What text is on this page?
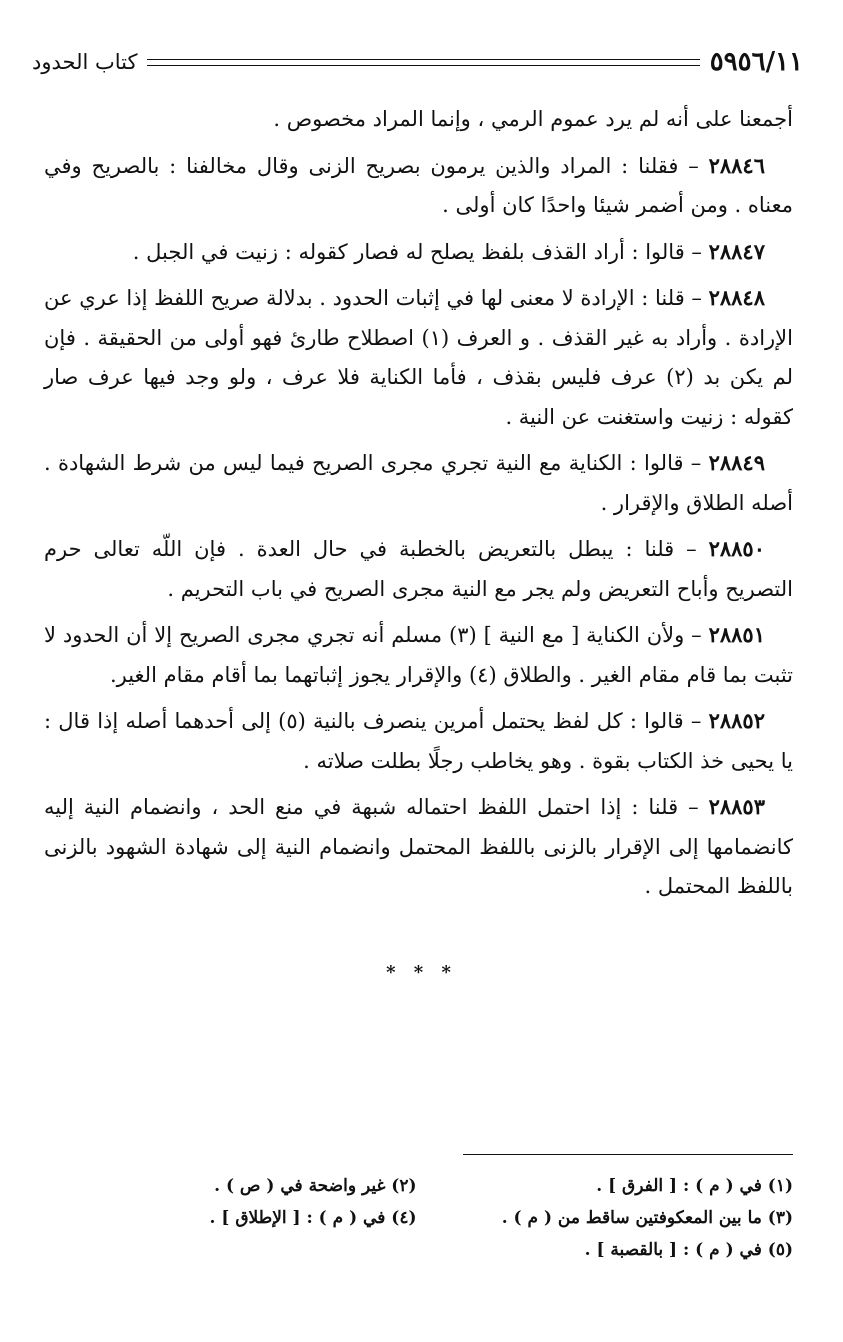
٥٩٥٦/١١
كتاب الحدود

أجمعنا على أنه لم يرد عموم الرمي ، وإنما المراد مخصوص .

٢٨٨٤٦ – فقلنا : المراد والذين يرمون بصريح الزنى وقال مخالفنا : بالصريح وفي معناه . ومن أضمر شيئا واحدًا كان أولى .

٢٨٨٤٧ – قالوا : أراد القذف بلفظ يصلح له فصار كقوله : زنيت في الجبل .

٢٨٨٤٨ – قلنا : الإرادة لا معنى لها في إثبات الحدود . بدلالة صريح اللفظ إذا عري عن الإرادة . وأراد به غير القذف . و العرف (١) اصطلاح طارئ فهو أولى من الحقيقة . فإن لم يكن بد (٢) عرف فليس بقذف ، فأما الكناية فلا عرف ، ولو وجد فيها عرف صار كقوله : زنيت واستغنت عن النية .

٢٨٨٤٩ – قالوا : الكناية مع النية تجري مجرى الصريح فيما ليس من شرط الشهادة . أصله الطلاق والإقرار .

٢٨٨٥٠ – قلنا : يبطل بالتعريض بالخطبة في حال العدة . فإن اللّه تعالى حرم التصريح وأباح التعريض ولم يجر مع النية مجرى الصريح في باب التحريم .

٢٨٨٥١ – ولأن الكناية [ مع النية ] (٣) مسلم أنه تجري مجرى الصريح إلا أن الحدود لا تثبت بما قام مقام الغير . والطلاق (٤) والإقرار يجوز إثباتهما بما أقام مقام الغير.

٢٨٨٥٢ – قالوا : كل لفظ يحتمل أمرين ينصرف بالنية (٥) إلى أحدهما أصله إذا قال : يا يحيى خذ الكتاب بقوة . وهو يخاطب رجلًا بطلت صلاته .

٢٨٨٥٣ – قلنا : إذا احتمل اللفظ احتماله شبهة في منع الحد ، وانضمام النية إليه كانضمامها إلى الإقرار بالزنى باللفظ المحتمل وانضمام النية إلى شهادة الشهود بالزنى باللفظ المحتمل .

* * *
(١) في ( م ) : [ الفرق ] .
(٢) غير واضحة في ( ص ) .
(٣) ما بين المعكوفتين ساقط من ( م ) .
(٤) في ( م ) : [ الإطلاق ] .
(٥) في ( م ) : [ بالقصبة ] .
